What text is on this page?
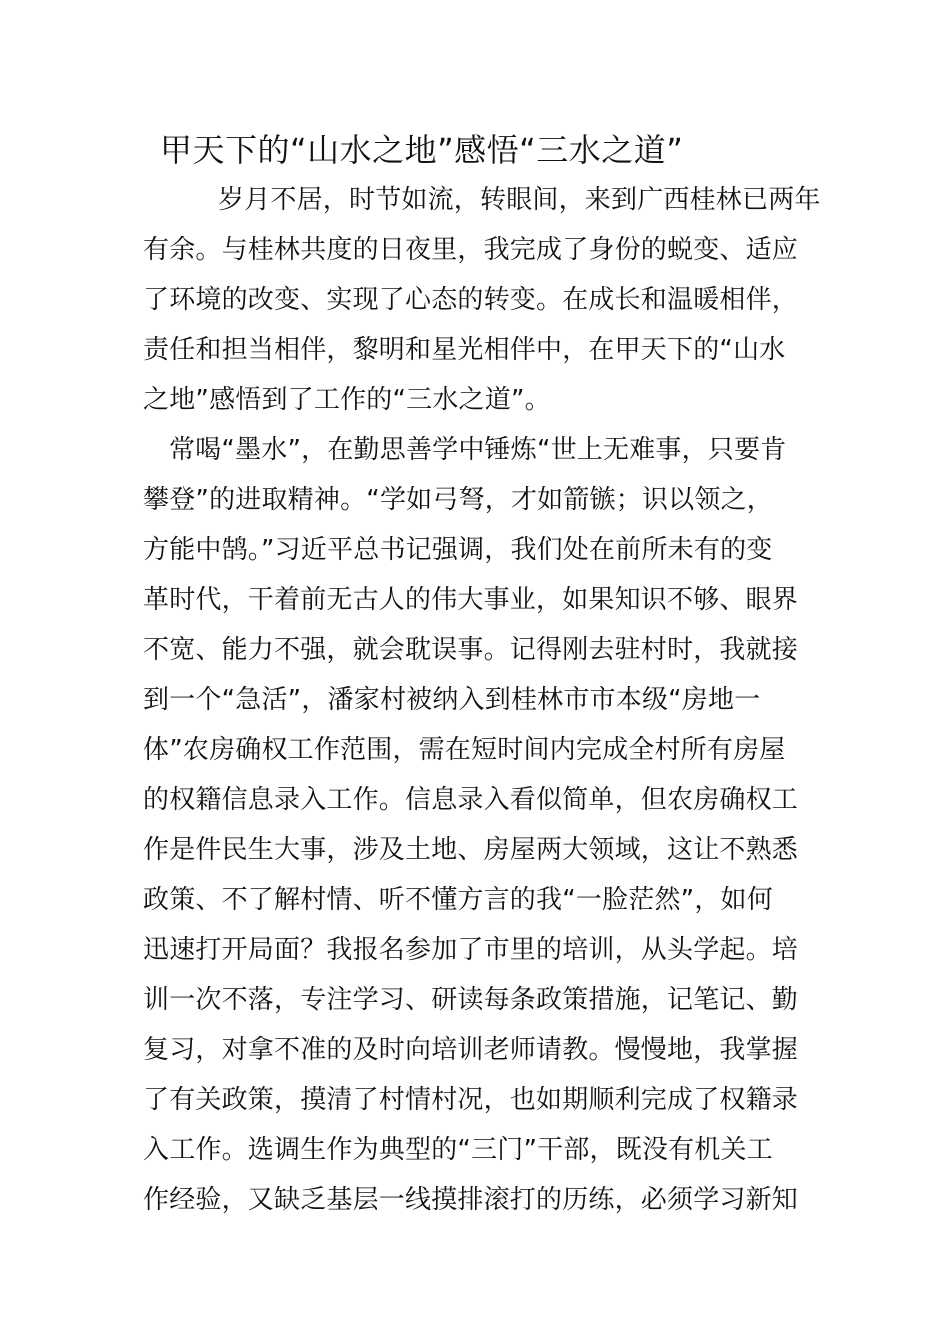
甲天下的“山水之地”感悟“三水之道”
岁月不居，时节如流，转眼间，来到广西桂林已两年
有余。与桂林共度的日夜里，我完成了身份的蜕变、适应
了环境的改变、实现了心态的转变。在成长和温暖相伴，
责任和担当相伴，黎明和星光相伴中，在甲天下的“山水
之地”感悟到了工作的“三水之道”。
常喝“墨水”，在勤思善学中锤炼“世上无难事，只要肯
攀登”的进取精神。“学如弓弩，才如箭镞；识以领之，
方能中鹄。”习近平总书记强调，我们处在前所未有的变
革时代，干着前无古人的伟大事业，如果知识不够、眼界
不宽、能力不强，就会耽误事。记得刚去驻村时，我就接
到一个“急活”，潘家村被纳入到桂林市市本级“房地一
体”农房确权工作范围，需在短时间内完成全村所有房屋
的权籍信息录入工作。信息录入看似简单，但农房确权工
作是件民生大事，涉及土地、房屋两大领域，这让不熟悉
政策、不了解村情、听不懂方言的我“一脸茫然”，如何
迅速打开局面？我报名参加了市里的培训，从头学起。培
训一次不落，专注学习、研读每条政策措施，记笔记、勤
复习，对拿不准的及时向培训老师请教。慢慢地，我掌握
了有关政策，摸清了村情村况，也如期顺利完成了权籍录
入工作。选调生作为典型的“三门”干部，既没有机关工
作经验，又缺乏基层一线摸排滚打的历练，必须学习新知
